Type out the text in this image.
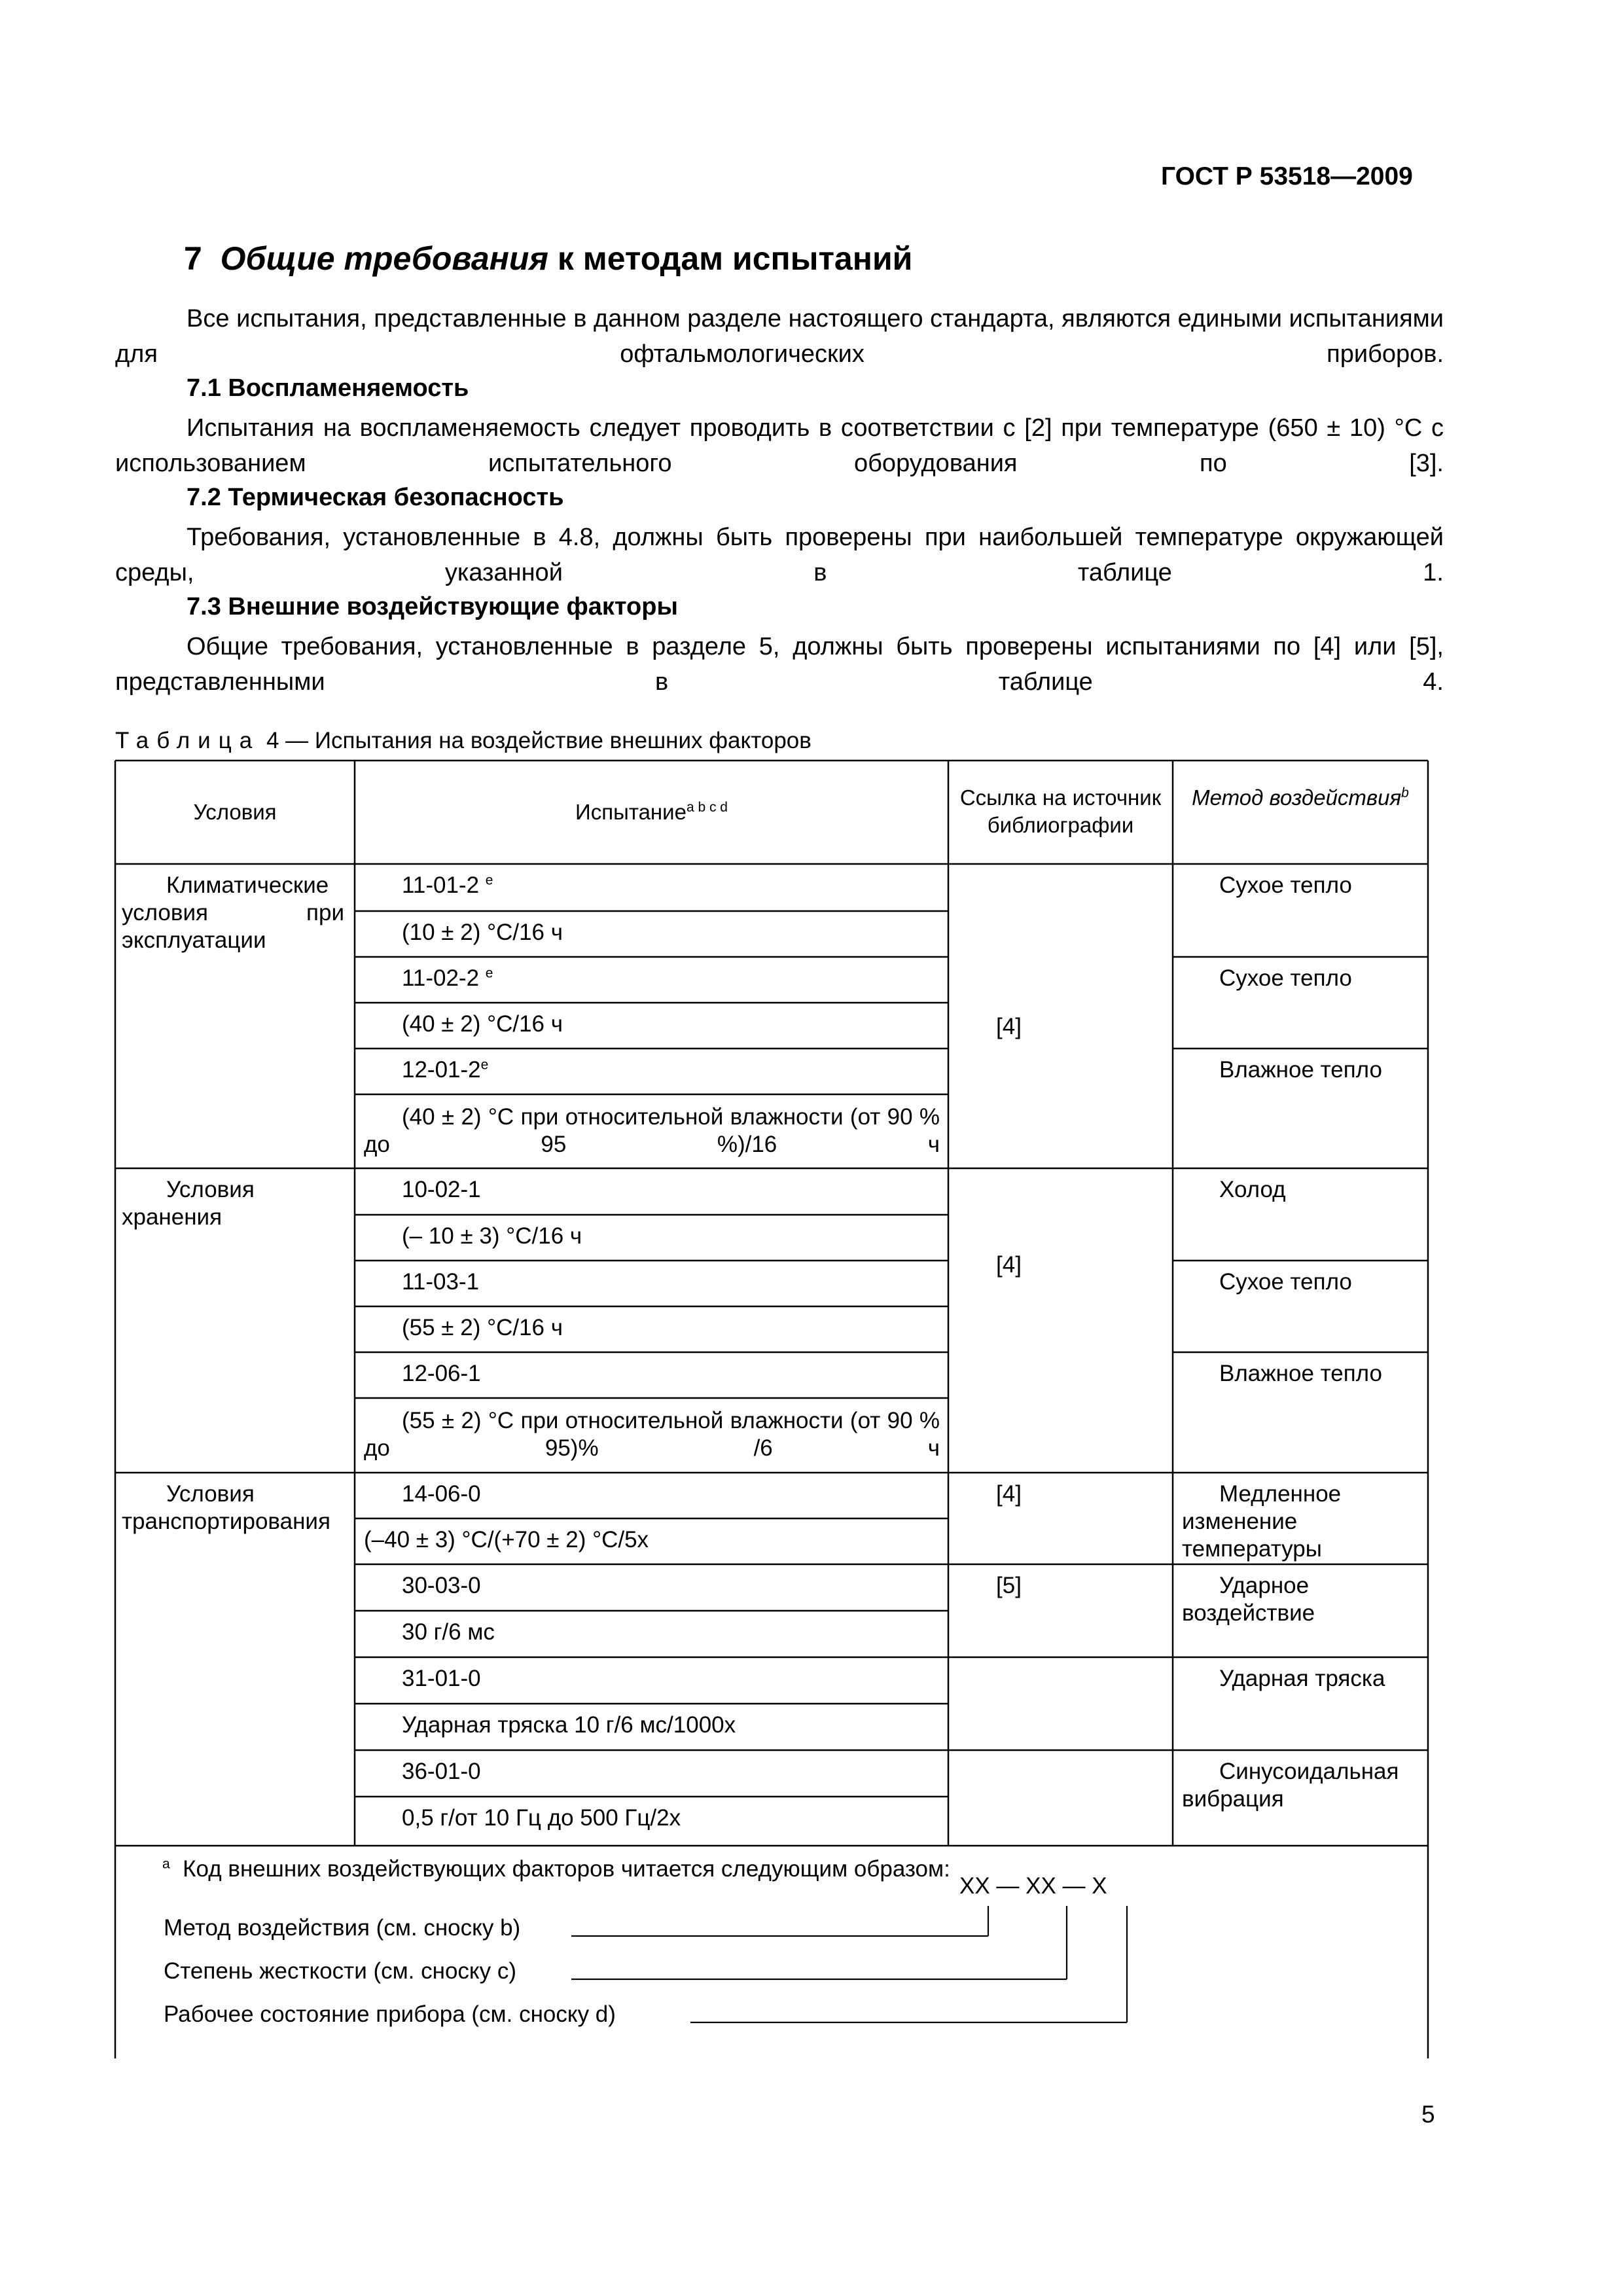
ГОСТ Р 53518—2009
7 Общие требования к методам испытаний
Все испытания, представленные в данном разделе настоящего стандарта, являются едиными испытаниями для офтальмологических приборов.
7.1 Воспламеняемость
Испытания на воспламеняемость следует проводить в соответствии с [2] при температуре (650 ± 10) °С с использованием испытательного оборудования по [3].
7.2 Термическая безопасность
Требования, установленные в 4.8, должны быть проверены при наибольшей температуре окружающей среды, указанной в таблице 1.
7.3 Внешние воздействующие факторы
Общие требования, установленные в разделе 5, должны быть проверены испытаниями по [4] или [5], представленными в таблице 4.
Таблица 4 — Испытания на воздействие внешних факторов
Условия	Испытание$^{a b c d}$	Ссылка на источник библиографии
Метод воздействия$^b$
Климатические условия при эксплуатации
11-01-2 $^е$
(10 ± 2) °С/16 ч
11-02-2 $^е$
(40 ± 2) °С/16 ч
$12-01-2^е$
(40 ± 2) °С при относительной влажности (от 90 % до 95 %)/16 ч
[4]
Сухое тепло
Сухое тепло
Влажное тепло
Условия хранения
10-02-1
(– 10 ± 3) °С/16 ч
11-03-1
(55 ± 2) °С/16 ч
12-06-1
(55 ± 2) °С при относительной влажности (от 90 % до 95)% /6 ч
[4]
Холод
Сухое тепло
Влажное тепло
Условия транспортирования
14-06-0
(–40 ± 3) °С/(+70 ± 2) °С/5х
30-03-0
30 г/6 мс
31-01-0
Ударная тряска 10 г/6 мс/1000х
36-01-0
0,5 г/от 10 Гц до 500 Гц/2х
[4]
[5]
Медленное изменение температуры
Ударное воздействие
Ударная тряска
Синусоидальная вибрация
$^а$ Код внешних воздействующих факторов читается следующим образом:
ХХ — ХХ — Х
Метод воздействия (см. сноску b)
Степень жесткости (см. сноску с)
Рабочее состояние прибора (см. сноску d)
5
